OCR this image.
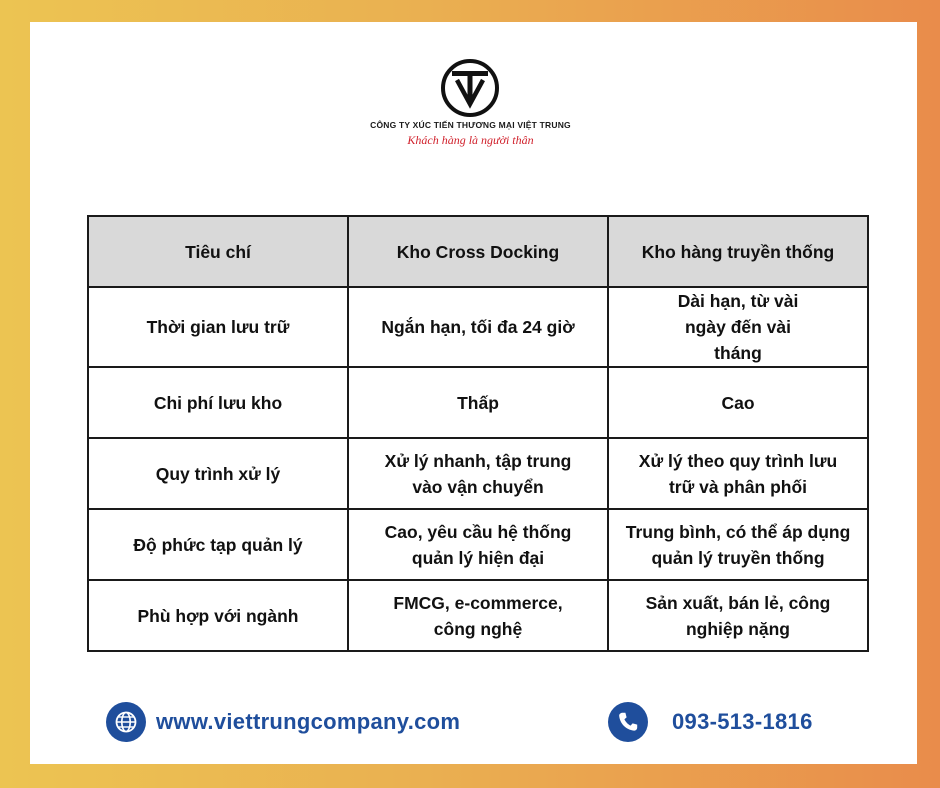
CÔNG TY XÚC TIẾN THƯƠNG MẠI VIỆT TRUNG
Khách hàng là người thân
Tiêu chí	Kho Cross Docking	Kho hàng truyền thống
Thời gian lưu trữ	Ngắn hạn, tối đa 24 giờ	Dài hạn, từ vài ngày đến vài tháng
Chi phí lưu kho	Thấp	Cao
Quy trình xử lý	Xử lý nhanh, tập trung vào vận chuyển	Xử lý theo quy trình lưu trữ và phân phối
Độ phức tạp quản lý	Cao, yêu cầu hệ thống quản lý hiện đại	Trung bình, có thể áp dụng quản lý truyền thống
Phù hợp với ngành	FMCG, e-commerce, công nghệ	Sản xuất, bán lẻ, công nghiệp nặng
www.viettrungcompany.com	093-513-1816
